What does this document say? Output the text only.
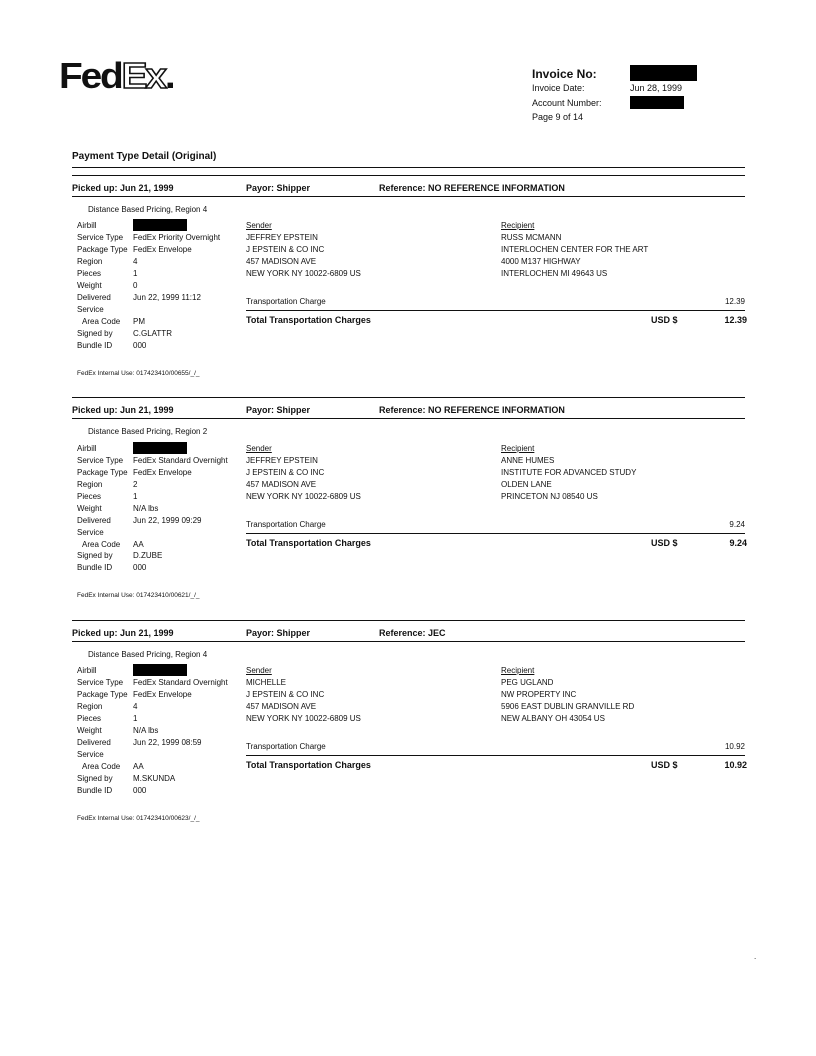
FedEx.	Invoice No:
Invoice Date:	Jun 28, 1999
Account Number:
Page 9 of 14
Payment Type Detail (Original)
Picked up: Jun 21, 1999	Payor: Shipper	Reference: NO REFERENCE INFORMATION
Distance Based Pricing, Region 4
Airbill
Service Type FedEx Priority Overnight
Package Type FedEx Envelope
Region	4
Pieces	1
Weight	0
Delivered	Jun 22, 1999 11:12
Service
Area Code PM
Signed by	C.GLATTR
Bundle ID	000
Sender
JEFFREY EPSTEIN
J EPSTEIN & CO INC
457 MADISON AVE
NEW YORK NY 10022-6809 US
Recipient
RUSS MCMANN
INTERLOCHEN CENTER FOR THE ART
4000 M137 HIGHWAY
INTERLOCHEN MI 49643 US
Transportation Charge	12.39
Total Transportation Charges	USD $	12.39
FedEx Internal Use: 017423410/00655/_/_
Picked up: Jun 21, 1999	Payor: Shipper	Reference: NO REFERENCE INFORMATION
Distance Based Pricing, Region 2
Airbill
Service Type FedEx Standard Overnight
Package Type FedEx Envelope
Region	2
Pieces	1
Weight	N/A lbs
Delivered	Jun 22, 1999 09:29
Service
Area Code AA
Signed by	D.ZUBE
Bundle ID	000
Sender
JEFFREY EPSTEIN
J EPSTEIN & CO INC
457 MADISON AVE
NEW YORK NY 10022-6809 US
Recipient
ANNE HUMES
INSTITUTE FOR ADVANCED STUDY
OLDEN LANE
PRINCETON NJ 08540 US
Transportation Charge	9.24
Total Transportation Charges	USD $	9.24
FedEx Internal Use: 017423410/00621/_/_
Picked up: Jun 21, 1999	Payor: Shipper	Reference: JEC
Distance Based Pricing, Region 4
Airbill
Service Type FedEx Standard Overnight
Package Type FedEx Envelope
Region	4
Pieces	1
Weight	N/A lbs
Delivered	Jun 22, 1999 08:59
Service
Area Code AA
Signed by	M.SKUNDA
Bundle ID	000
Sender
MICHELLE
J EPSTEIN & CO INC
457 MADISON AVE
NEW YORK NY 10022-6809 US
Recipient
PEG UGLAND
NW PROPERTY INC
5906 EAST DUBLIN GRANVILLE RD
NEW ALBANY OH 43054 US
Transportation Charge	10.92
Total Transportation Charges	USD $	10.92
FedEx Internal Use: 017423410/00623/_/_
.
